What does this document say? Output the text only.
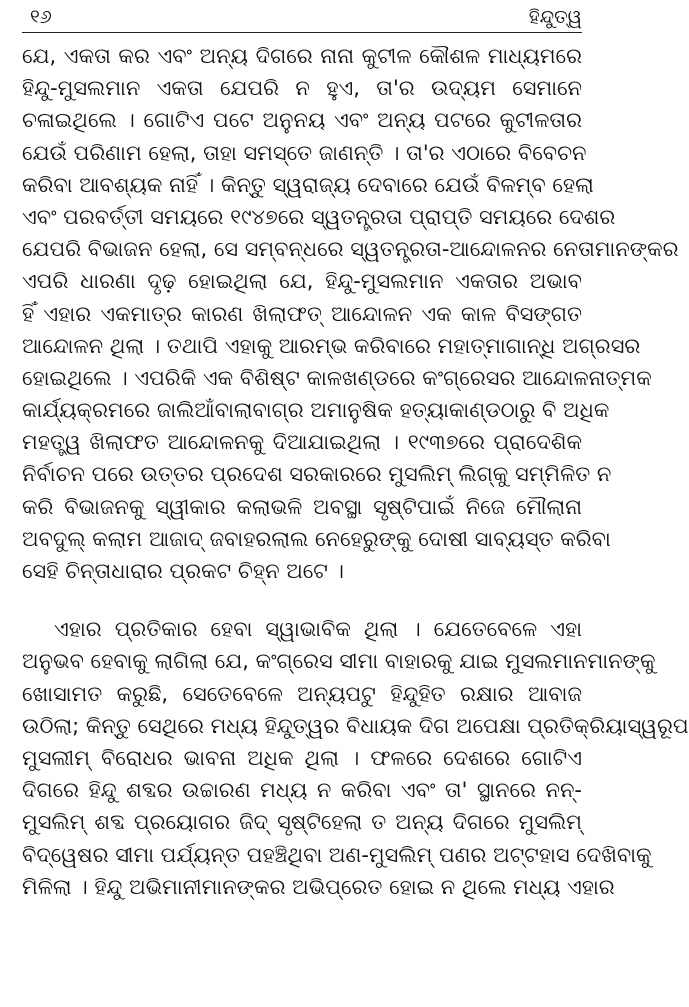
୧୬	ହିନ୍ଦୁତ୍ୱ
ଯେ, ଏକତା କର ଏବଂ ଅନ୍ୟ ଦିଗରେ ନାନା କୁଟୀଳ କୌଶଳ ମାଧ୍ୟମରେ
ହିନ୍ଦୁ-ମୁସଲମାନ ଏକତା ଯେପରି ନ ହୁଏ, ତା'ର ଉଦ୍ୟମ ସେମାନେ
ଚଳାଇଥିଲେ । ଗୋଟିଏ ପଟେ ଅନୁନୟ ଏବଂ ଅନ୍ୟ ପଟରେ କୁଟୀଳତାର
ଯେଉଁ ପରିଣାମ ହେଲା, ତାହା ସମସ୍ତେ ଜାଣନ୍ତି । ତା'ର ଏଠାରେ ବିବେଚନ
କରିବା ଆବଶ୍ୟକ ନାହିଁ । କିନ୍ତୁ ସ୍ୱରାଜ୍ୟ ଦେବାରେ ଯେଉଁ ବିଳମ୍ବ ହେଲା
ଏବଂ ପରବର୍ତ୍ତୀ ସମୟରେ ୧୯୪୭ରେ ସ୍ୱତନ୍ତ୍ରତା ପ୍ରାପ୍ତି ସମୟରେ ଦେଶର
ଯେପରି ବିଭାଜନ ହେଲା, ସେ ସମ୍ବନ୍ଧରେ ସ୍ୱତନ୍ତ୍ରତା-ଆନ୍ଦୋଳନର ନେତାମାନଙ୍କର
ଏପରି ଧାରଣା ଦୃଢ଼ ହୋଇଥିଲା ଯେ, ହିନ୍ଦୁ-ମୁସଲମାନ ଏକତାର ଅଭାବ
ହିଁ ଏହାର ଏକମାତ୍ର କାରଣ ଖିଲାଫତ୍ ଆନ୍ଦୋଳନ ଏକ କାଳ ବିସଙ୍ଗତ
ଆନ୍ଦୋଳନ ଥିଲା । ତଥାପି ଏହାକୁ ଆରମ୍ଭ କରିବାରେ ମହାତ୍ମାଗାନ୍ଧି ଅଗ୍ରସର
ହୋଇଥିଲେ । ଏପରିକି ଏକ ବିଶିଷ୍ଟ କାଳଖଣ୍ଡରେ କଂଗ୍ରେସର ଆନ୍ଦୋଳନାତ୍ମକ
କାର୍ଯ୍ୟକ୍ରମରେ ଜାଲିଆଁବାଲାବାଗ୍‌ର ଅମାନୁଷିକ ହତ୍ୟାକାଣ୍ଡଠାରୁ ବି ଅଧିକ
ମହତ୍ତ୍ୱ ଖିଲାଫତ ଆନ୍ଦୋଳନକୁ ଦିଆଯାଇଥିଲା । ୧୯୩୭ରେ ପ୍ରାଦେଶିକ
ନିର୍ବାଚନ ପରେ ଉତ୍ତର ପ୍ରଦେଶ ସରକାରରେ ମୁସଲିମ୍ ଲିଗ୍‌କୁ ସମ୍ମିଳିତ ନ
କରି ବିଭାଜନକୁ ସ୍ୱୀକାର କଲାଭଳି ଅବସ୍ଥା ସୃଷ୍ଟିପାଇଁ ନିଜେ ମୌଲାନା
ଅବଦୁଲ୍ କଲାମ ଆଜାଦ୍ ଜବାହରଲାଲ ନେହେରୁଙ୍କୁ ଦୋଷୀ ସାବ୍ୟସ୍ତ କରିବା
ସେହି ଚିନ୍ତାଧାରାର ପ୍ରକଟ ଚିହ୍ନ ଅଟେ ।
ଏହାର ପ୍ରତିକାର ହେବା ସ୍ୱାଭାବିକ ଥିଲା । ଯେତେବେଳେ ଏହା
ଅନୁଭବ ହେବାକୁ ଲାଗିଲା ଯେ, କଂଗ୍ରେସ ସୀମା ବାହାରକୁ ଯାଇ ମୁସଲମାନମାନଙ୍କୁ
ଖୋସାମତ କରୁଛି, ସେତେବେଳେ ଅନ୍ୟପଟୁ ହିନ୍ଦୁହିତ ରକ୍ଷାର ଆବାଜ
ଉଠିଲା; କିନ୍ତୁ ସେଥିରେ ମଧ୍ୟ ହିନ୍ଦୁତ୍ୱର ବିଧାୟକ ଦିଗ ଅପେକ୍ଷା ପ୍ରତିକ୍ରିୟାସ୍ୱରୂପ
ମୁସଲୀମ୍ ବିରୋଧର ଭାବନା ଅଧିକ ଥିଲା । ଫଳରେ ଦେଶରେ ଗୋଟିଏ
ଦିଗରେ ହିନ୍ଦୁ ଶବ୍ଦର ଉଚ୍ଚାରଣ ମଧ୍ୟ ନ କରିବା ଏବଂ ତା' ସ୍ଥାନରେ ନନ୍-
ମୁସଲିମ୍ ଶବ୍ଦ ପ୍ରୟୋଗର ଜିଦ୍ ସୃଷ୍ଟିହେଲା ତ ଅନ୍ୟ ଦିଗରେ ମୁସଲିମ୍
ବିଦ୍ୱେଷର ସୀମା ପର୍ଯ୍ୟନ୍ତ ପହଞ୍ଚିଥିବା ଅଣ-ମୁସଲିମ୍ ପଣର ଅଟ୍ଟହାସ ଦେଖିବାକୁ
ମିଳିଲା । ହିନ୍ଦୁ ଅଭିମାନୀମାନଙ୍କର ଅଭିପ୍ରେତ ହୋଇ ନ ଥିଲେ ମଧ୍ୟ ଏହାର
